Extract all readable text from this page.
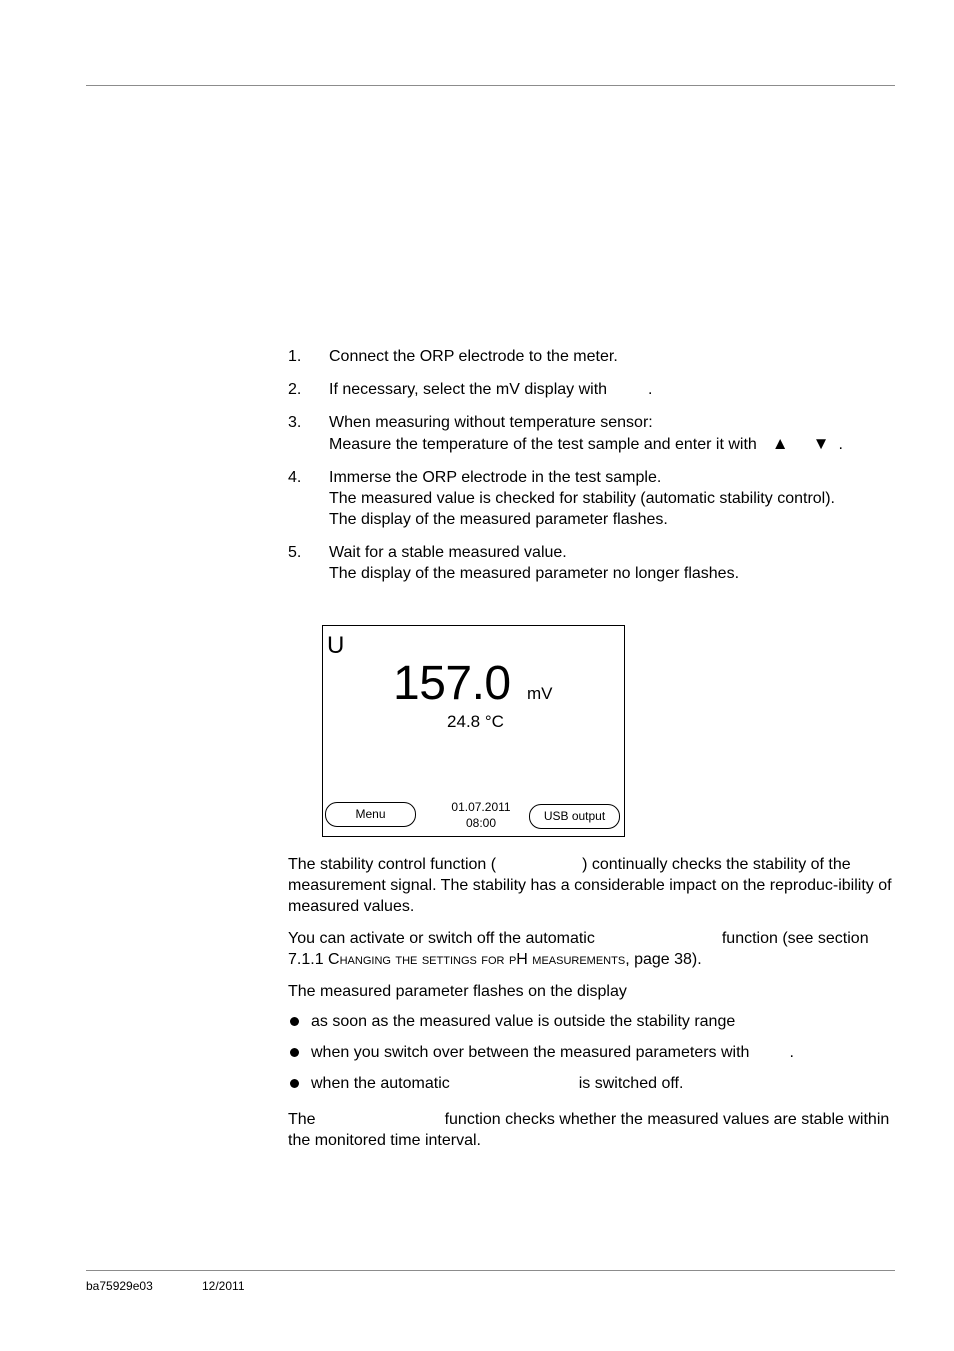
1. Connect the ORP electrode to the meter.
2. If necessary, select the mV display with	.
3. When measuring without temperature sensor:
Measure the temperature of the test sample and enter it with ▲ ▼ .
4. Immerse the ORP electrode in the test sample.
The measured value is checked for stability (automatic stability control).
The display of the measured parameter flashes.
5. Wait for a stable measured value.
The display of the measured parameter no longer flashes.
U
157.0 mV
24.8 °C
Menu	01.07.2011
08:00	USB output
The stability control function (	) continually checks the stability of the measurement signal. The stability has a considerable impact on the reproduc-ibility of measured values.
You can activate or switch off the automatic	function (see section 7.1.1 Changing the settings for pH measurements, page 38).
The measured parameter flashes on the display
as soon as the measured value is outside the stability range
when you switch over between the measured parameters with	.
when the automatic	is switched off.
The	function checks whether the measured values are stable within the monitored time interval.
ba75929e03	12/2011
